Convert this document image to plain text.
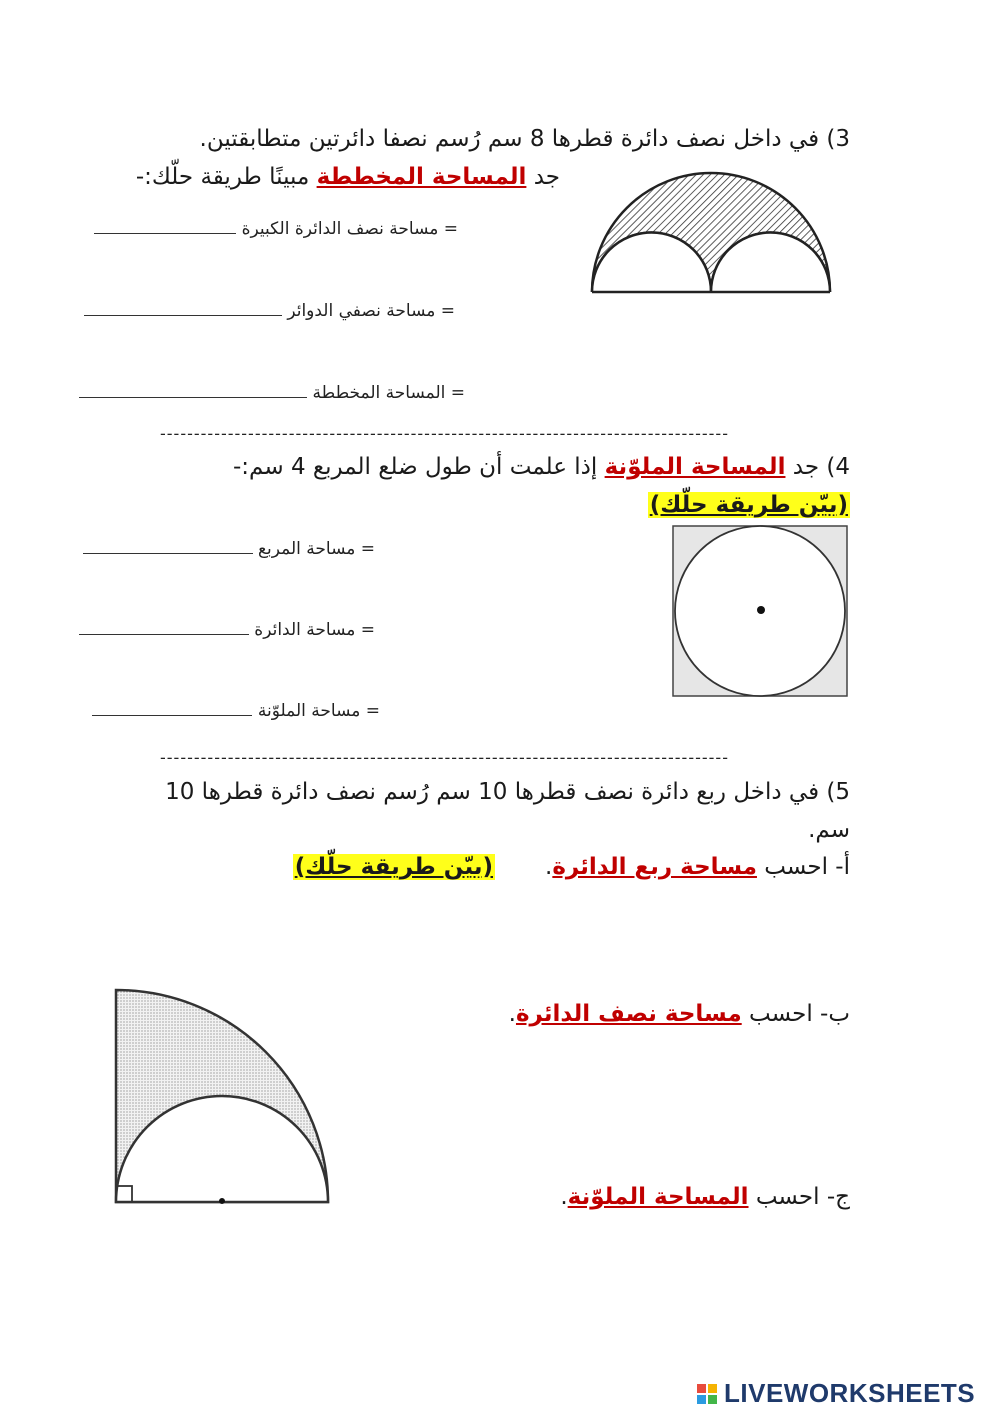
3) في داخل نصف دائرة قطرها 8 سم رُسم نصفا دائرتين متطابقتين.
جد المساحة المخططة مبينًا طريقة حلّك:-
= مساحة نصف الدائرة الكبيرة
= مساحة نصفي الدوائر
= المساحة المخططة
------------------------------------------------------------------------------------
4) جد المساحة الملوّنة إذا علمت أن طول ضلع المربع 4 سم:-
(بيّن طريقة حلّك)
= مساحة المربع
= مساحة الدائرة
= مساحة الملوّنة
------------------------------------------------------------------------------------
5) في داخل ربع دائرة نصف قطرها 10 سم رُسم نصف دائرة قطرها 10
سم.
أ- احسب مساحة ربع الدائرة.
(بيّن طريقة حلّك)
ب- احسب مساحة نصف الدائرة.
ج- احسب المساحة الملوّنة.
LIVEWORKSHEETS
